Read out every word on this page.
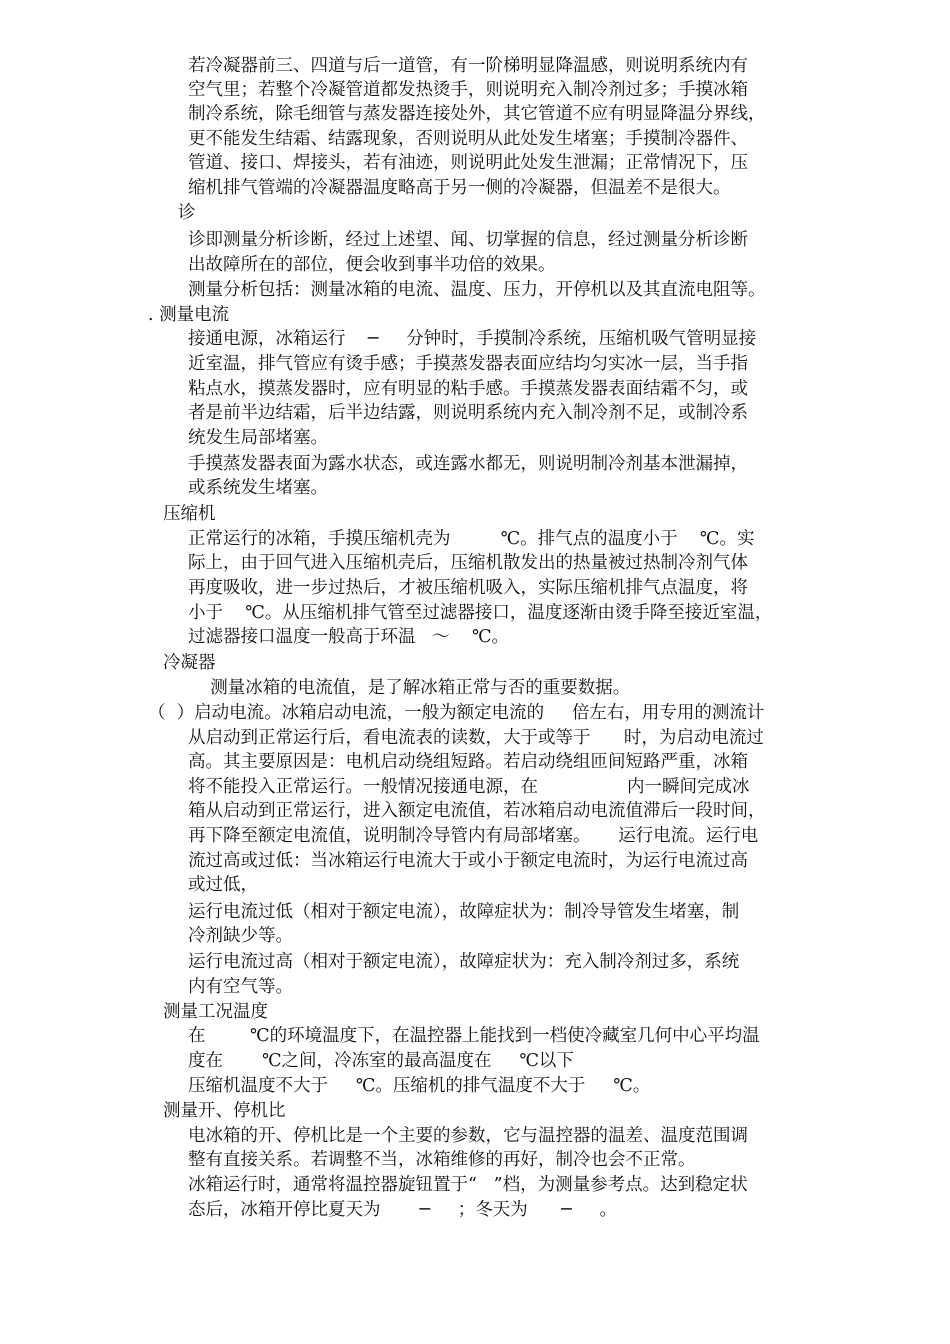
若冷凝器前三、四道与后一道管，有一阶梯明显降温感，则说明系统内有
空气里；若整个冷凝管道都发热烫手，则说明充入制冷剂过多；手摸冰箱
制冷系统，除毛细管与蒸发器连接处外，其它管道不应有明显降温分界线，
更不能发生结霜、结露现象，否则说明从此处发生堵塞；手摸制冷器件、
管道、接口、焊接头，若有油迹，则说明此处发生泄漏；正常情况下，压
缩机排气管端的冷凝器温度略高于另一侧的冷凝器，但温差不是很大。
诊
诊即测量分析诊断，经过上述望、闻、切掌握的信息，经过测量分析诊断
出故障所在的部位，便会收到事半功倍的效果。
测量分析包括：测量冰箱的电流、温度、压力，开停机以及其直流电阻等。
. 测量电流
接通电源，冰箱运行    ─     分钟时，手摸制冷系统，压缩机吸气管明显接
近室温，排气管应有烫手感；手摸蒸发器表面应结均匀实冰一层，当手指
粘点水，摸蒸发器时，应有明显的粘手感。手摸蒸发器表面结霜不匀，或
者是前半边结霜，后半边结露，则说明系统内充入制冷剂不足，或制冷系
统发生局部堵塞。
手摸蒸发器表面为露水状态，或连露水都无，则说明制冷剂基本泄漏掉，
或系统发生堵塞。
压缩机
正常运行的冰箱，手摸压缩机壳为         ℃。排气点的温度小于    ℃。实
际上，由于回气进入压缩机壳后，压缩机散发出的热量被过热制冷剂气体
再度吸收，进一步过热后，才被压缩机吸入，实际压缩机排气点温度，将
小于    ℃。从压缩机排气管至过滤器接口，温度逐渐由烫手降至接近室温，
过滤器接口温度一般高于环温   ～    ℃。
冷凝器
测量冰箱的电流值，是了解冰箱正常与否的重要数据。
（  ）启动电流。冰箱启动电流，一般为额定电流的     倍左右，用专用的测流计
从启动到正常运行后，看电流表的读数，大于或等于      时，为启动电流过
高。其主要原因是：电机启动绕组短路。若启动绕组匝间短路严重，冰箱
将不能投入正常运行。一般情况接通电源，在                内一瞬间完成冰
箱从启动到正常运行，进入额定电流值，若冰箱启动电流值滞后一段时间，
再下降至额定电流值，说明制冷导管内有局部堵塞。     运行电流。运行电
流过高或过低：当冰箱运行电流大于或小于额定电流时，为运行电流过高
或过低，
运行电流过低（相对于额定电流），故障症状为：制冷导管发生堵塞，制
冷剂缺少等。
运行电流过高（相对于额定电流），故障症状为：充入制冷剂过多，系统
内有空气等。
测量工况温度
在        ℃的环境温度下，在温控器上能找到一档使冷藏室几何中心平均温
度在       ℃之间，冷冻室的最高温度在     ℃以下
压缩机温度不大于     ℃。压缩机的排气温度不大于     ℃。
测量开、停机比
电冰箱的开、停机比是一个主要的参数，它与温控器的温差、温度范围调
整有直接关系。若调整不当，冰箱维修的再好，制冷也会不正常。
冰箱运行时，通常将温控器旋钮置于“   ”档，为测量参考点。达到稳定状
态后，冰箱开停比夏天为       ─     ；冬天为      ─     。
